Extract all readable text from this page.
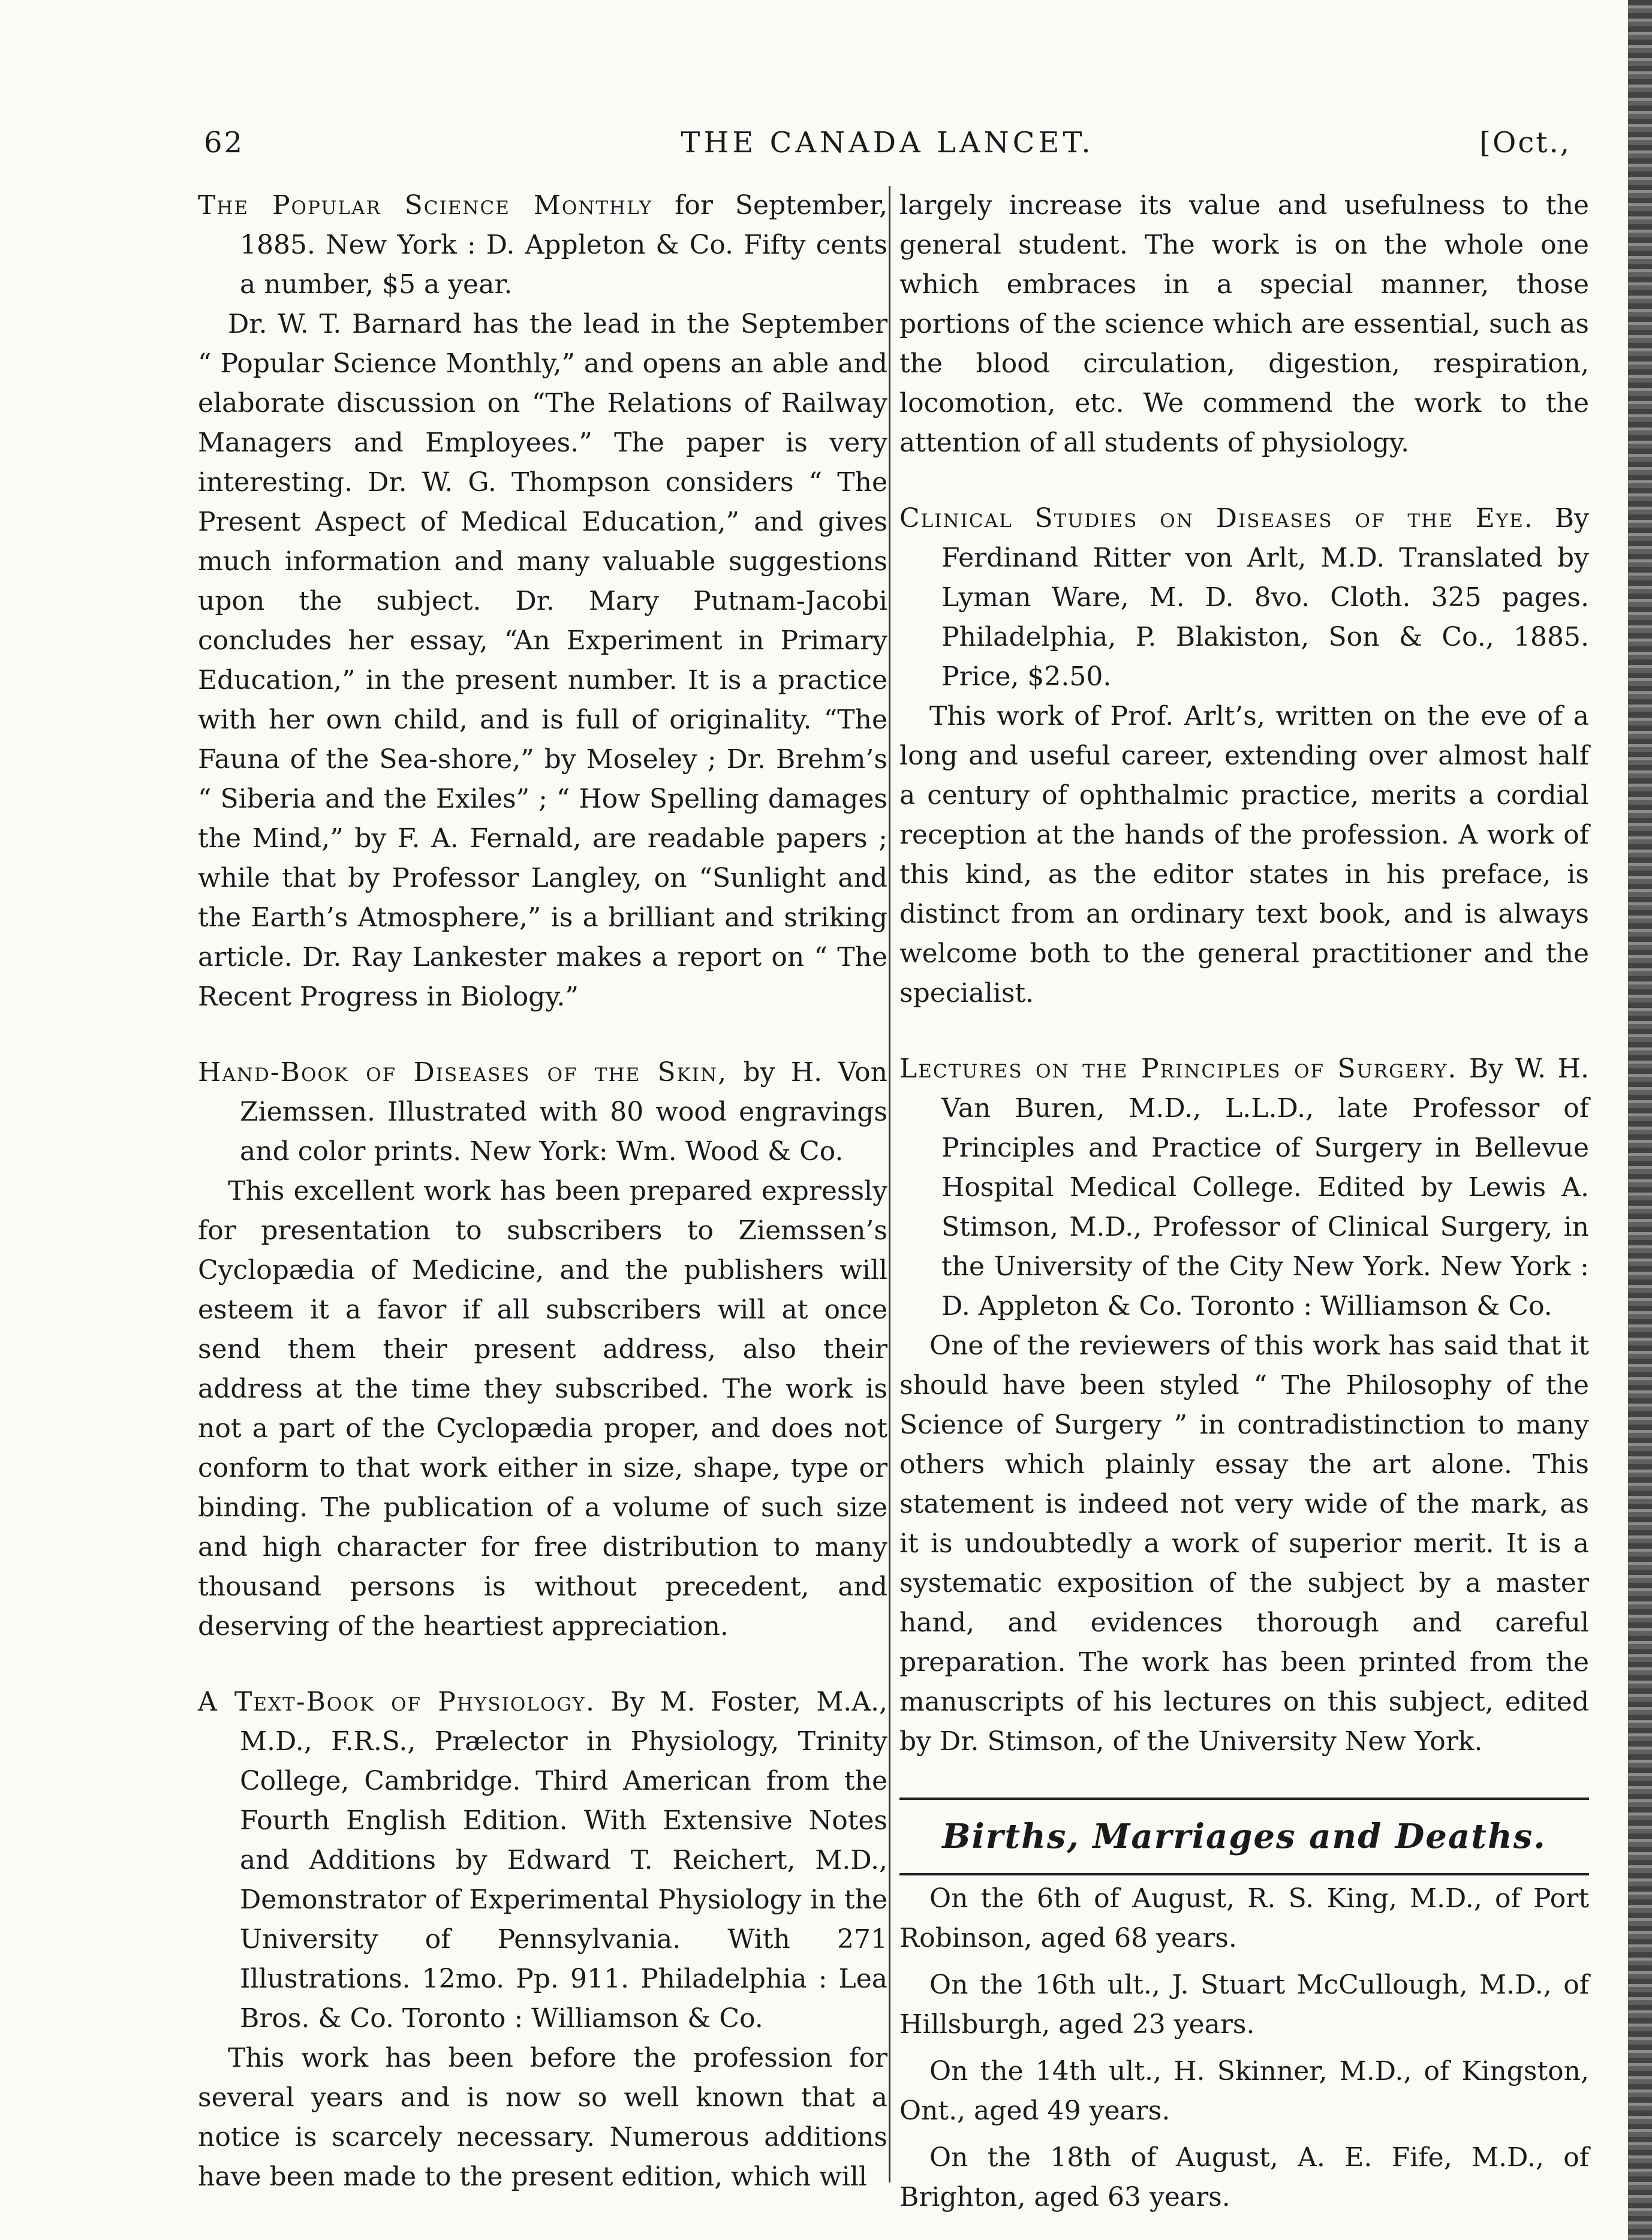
62	THE CANADA LANCET.	[Oct.,

The Popular Science Monthly for September, 1885. New York : D. Appleton & Co. Fifty cents a number, $5 a year.

Dr. W. T. Barnard has the lead in the September “ Popular Science Monthly,” and opens an able and elaborate discussion on “The Relations of Railway Managers and Employees.” The paper is very interesting. Dr. W. G. Thompson considers “ The Present Aspect of Medical Education,” and gives much information and many valuable suggestions upon the subject. Dr. Mary Putnam-Jacobi concludes her essay, “An Experiment in Primary Education,” in the present number. It is a practice with her own child, and is full of originality. “The Fauna of the Sea-shore,” by Moseley ; Dr. Brehm’s “ Siberia and the Exiles” ; “ How Spelling damages the Mind,” by F. A. Fernald, are readable papers ; while that by Professor Langley, on “Sunlight and the Earth’s Atmosphere,” is a brilliant and striking article. Dr. Ray Lankester makes a report on “ The Recent Progress in Biology.”

Hand-Book of Diseases of the Skin, by H. Von Ziemssen. Illustrated with 80 wood engravings and color prints. New York: Wm. Wood & Co.

This excellent work has been prepared expressly for presentation to subscribers to Ziemssen’s Cyclopædia of Medicine, and the publishers will esteem it a favor if all subscribers will at once send them their present address, also their address at the time they subscribed. The work is not a part of the Cyclopædia proper, and does not conform to that work either in size, shape, type or binding. The publication of a volume of such size and high character for free distribution to many thousand persons is without precedent, and deserving of the heartiest appreciation.

A Text-Book of Physiology. By M. Foster, M.A., M.D., F.R.S., Prælector in Physiology, Trinity College, Cambridge. Third American from the Fourth English Edition. With Extensive Notes and Additions by Edward T. Reichert, M.D., Demonstrator of Experimental Physiology in the University of Pennsylvania. With 271 Illustrations. 12mo. Pp. 911. Philadelphia : Lea Bros. & Co. Toronto : Williamson & Co.

This work has been before the profession for several years and is now so well known that a notice is scarcely necessary. Numerous additions have been made to the present edition, which will

largely increase its value and usefulness to the general student. The work is on the whole one which embraces in a special manner, those portions of the science which are essential, such as the blood circulation, digestion, respiration, locomotion, etc. We commend the work to the attention of all students of physiology.

Clinical Studies on Diseases of the Eye. By Ferdinand Ritter von Arlt, M.D. Translated by Lyman Ware, M. D. 8vo. Cloth. 325 pages. Philadelphia, P. Blakiston, Son & Co., 1885. Price, $2.50.

This work of Prof. Arlt’s, written on the eve of a long and useful career, extending over almost half a century of ophthalmic practice, merits a cordial reception at the hands of the profession. A work of this kind, as the editor states in his preface, is distinct from an ordinary text book, and is always welcome both to the general practitioner and the specialist.

Lectures on the Principles of Surgery. By W. H. Van Buren, M.D., L.L.D., late Professor of Principles and Practice of Surgery in Bellevue Hospital Medical College. Edited by Lewis A. Stimson, M.D., Professor of Clinical Surgery, in the University of the City New York. New York : D. Appleton & Co. Toronto : Williamson & Co.

One of the reviewers of this work has said that it should have been styled “ The Philosophy of the Science of Surgery ” in contradistinction to many others which plainly essay the art alone. This statement is indeed not very wide of the mark, as it is undoubtedly a work of superior merit. It is a systematic exposition of the subject by a master hand, and evidences thorough and careful preparation. The work has been printed from the manuscripts of his lectures on this subject, edited by Dr. Stimson, of the University New York.

Births, Marriages and Deaths.

On the 6th of August, R. S. King, M.D., of Port Robinson, aged 68 years.

On the 16th ult., J. Stuart McCullough, M.D., of Hillsburgh, aged 23 years.

On the 14th ult., H. Skinner, M.D., of Kingston, Ont., aged 49 years.

On the 18th of August, A. E. Fife, M.D., of Brighton, aged 63 years.
